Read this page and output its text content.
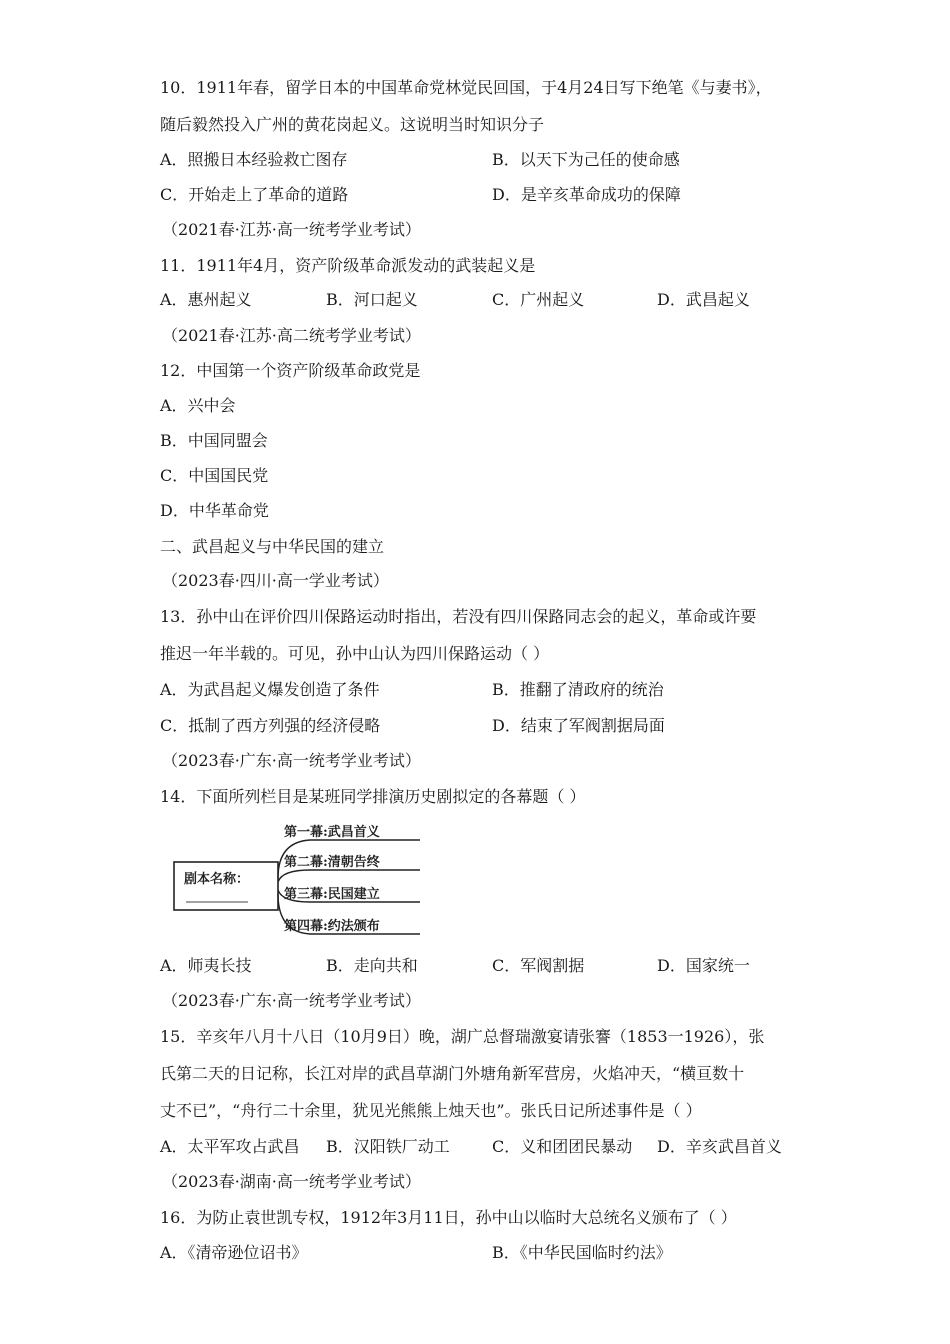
10．1911年春，留学日本的中国革命党林觉民回国，于4月24日写下绝笔《与妻书》，
随后毅然投入广州的黄花岗起义。这说明当时知识分子
A．照搬日本经验救亡图存	B．以天下为己任的使命感
C．开始走上了革命的道路	D．是辛亥革命成功的保障
（2021春·江苏·高一统考学业考试）
11．1911年4月，资产阶级革命派发动的武装起义是
A．惠州起义	B．河口起义	C．广州起义	D．武昌起义
（2021春·江苏·高二统考学业考试）
12．中国第一个资产阶级革命政党是
A．兴中会
B．中国同盟会
C．中国国民党
D．中华革命党
二、武昌起义与中华民国的建立
（2023春·四川·高一学业考试）
13．孙中山在评价四川保路运动时指出，若没有四川保路同志会的起义，革命或许要
推迟一年半载的。可见，孙中山认为四川保路运动（ ）
A．为武昌起义爆发创造了条件	B．推翻了清政府的统治
C．抵制了西方列强的经济侵略	D．结束了军阀割据局面
（2023春·广东·高一统考学业考试）
14．下面所列栏目是某班同学排演历史剧拟定的各幕题（ ）
剧本名称：
第一幕:武昌首义
第二幕:清朝告终
第三幕:民国建立
第四幕:约法颁布
A．师夷长技	B．走向共和	C．军阀割据	D．国家统一
（2023春·广东·高一统考学业考试）
15．辛亥年八月十八日（10月9日）晚，湖广总督瑞激宴请张謇（1853一1926），张
氏第二天的日记称，长江对岸的武昌草湖门外塘角新军营房，火焰冲天，“横亘数十
丈不已”，“舟行二十余里，犹见光熊熊上烛天也”。张氏日记所述事件是（ ）
A．太平军攻占武昌 B．汉阳铁厂动工	C．义和团团民暴动 D．辛亥武昌首义
（2023春·湖南·高一统考学业考试）
16．为防止袁世凯专权，1912年3月11日，孙中山以临时大总统名义颁布了（ ）
A．《清帝逊位诏书》	B．《中华民国临时约法》
